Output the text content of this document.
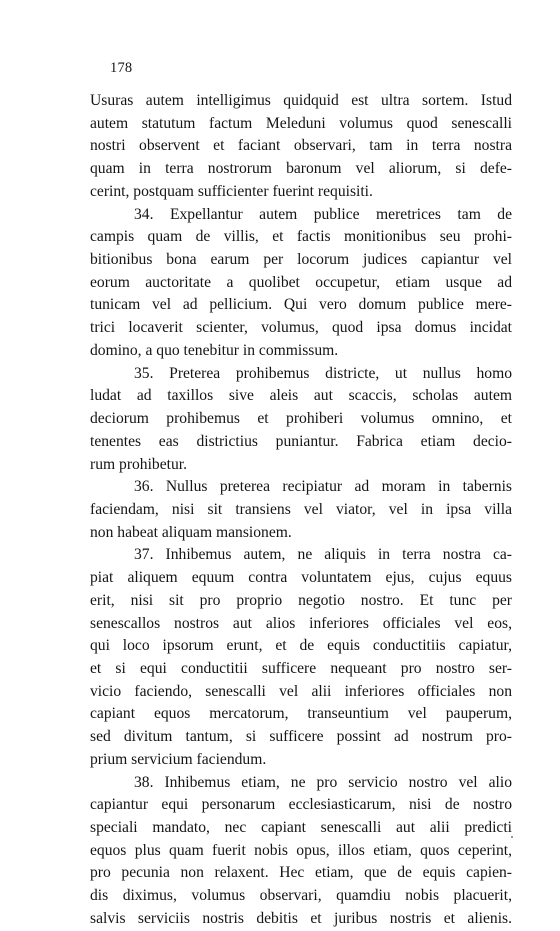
178
Usuras autem intelligimus quidquid est ultra sortem. Istud
autem statutum factum Meleduni volumus quod senescalli
nostri observent et faciant observari, tam in terra nostra
quam in terra nostrorum baronum vel aliorum, si defe-
cerint, postquam sufficienter fuerint requisiti.
34. Expellantur autem publice meretrices tam de
campis quam de villis, et factis monitionibus seu prohi-
bitionibus bona earum per locorum judices capiantur vel
eorum auctoritate a quolibet occupetur, etiam usque ad
tunicam vel ad pellicium. Qui vero domum publice mere-
trici locaverit scienter, volumus, quod ipsa domus incidat
domino, a quo tenebitur in commissum.
35. Preterea prohibemus districte, ut nullus homo
ludat ad taxillos sive aleis aut scaccis, scholas autem
deciorum prohibemus et prohiberi volumus omnino, et
tenentes eas districtius puniantur. Fabrica etiam decio-
rum prohibetur.
36. Nullus preterea recipiatur ad moram in tabernis
faciendam, nisi sit transiens vel viator, vel in ipsa villa
non habeat aliquam mansionem.
37. Inhibemus autem, ne aliquis in terra nostra ca-
piat aliquem equum contra voluntatem ejus, cujus equus
erit, nisi sit pro proprio negotio nostro. Et tunc per
senescallos nostros aut alios inferiores officiales vel eos,
qui loco ipsorum erunt, et de equis conductitiis capiatur,
et si equi conductitii sufficere nequeant pro nostro ser-
vicio faciendo, senescalli vel alii inferiores officiales non
capiant equos mercatorum, transeuntium vel pauperum,
sed divitum tantum, si sufficere possint ad nostrum pro-
prium servicium faciendum.
38. Inhibemus etiam, ne pro servicio nostro vel alio
capiantur equi personarum ecclesiasticarum, nisi de nostro
speciali mandato, nec capiant senescalli aut alii predicti
equos plus quam fuerit nobis opus, illos etiam, quos ceperint,
pro pecunia non relaxent. Hec etiam, que de equis capien-
dis diximus, volumus observari, quamdiu nobis placuerit,
salvis serviciis nostris debitis et juribus nostris et alienis.
